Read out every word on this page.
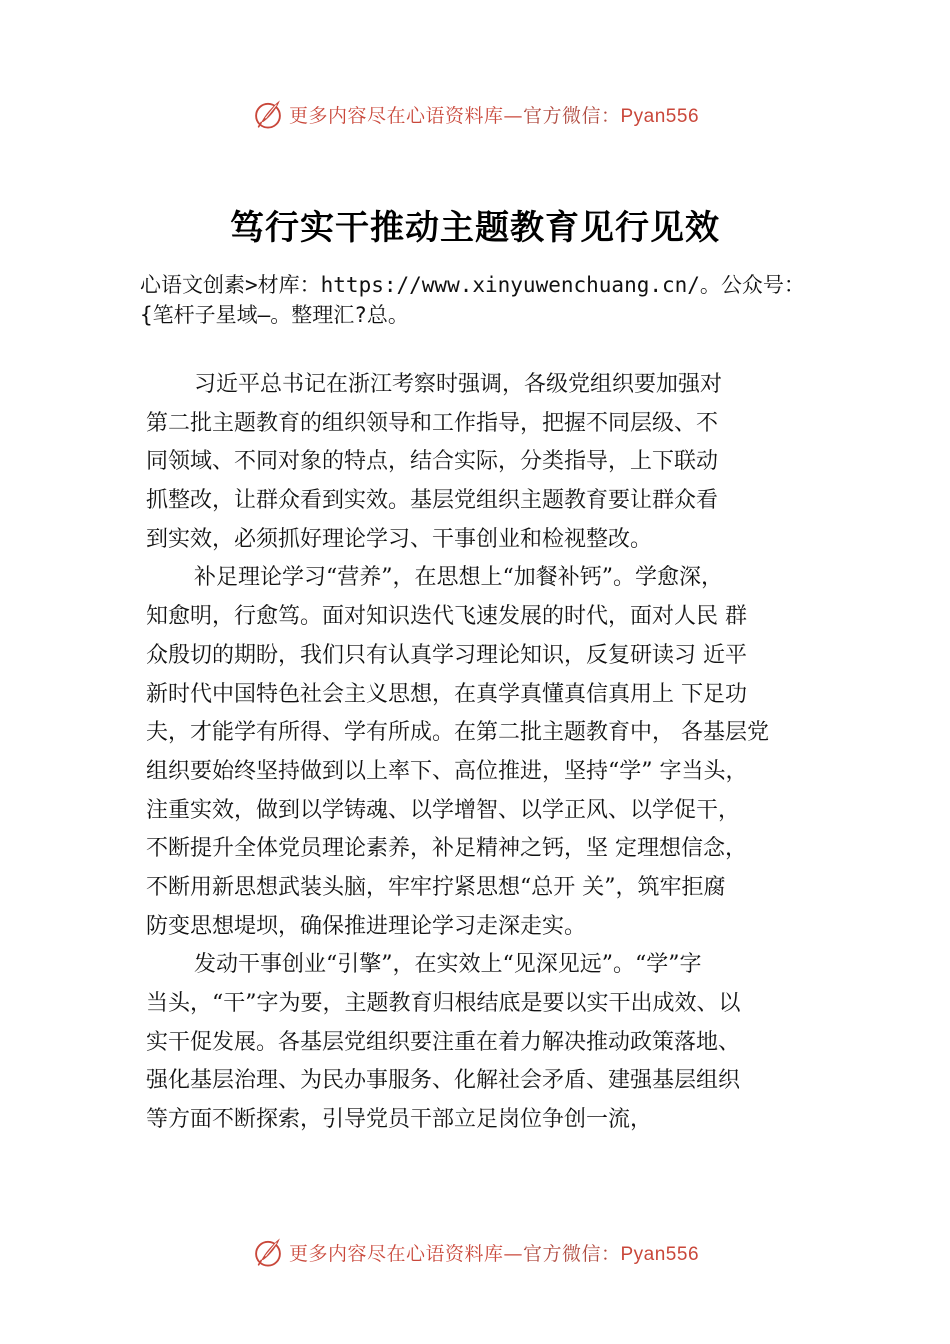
更多内容尽在心语资料库—官方微信：Pyan556
笃行实干推动主题教育见行见效
心语文创素>材库：https://www.xinyuwenchuang.cn/。公众号：
{笔杆子星域—。整理汇?总。
习近平总书记在浙江考察时强调，各级党组织要加强对
第二批主题教育的组织领导和工作指导，把握不同层级、不
同领域、不同对象的特点，结合实际，分类指导，上下联动
抓整改，让群众看到实效。基层党组织主题教育要让群众看
到实效，必须抓好理论学习、干事创业和检视整改。
补足理论学习“营养”，在思想上“加餐补钙”。学愈深，
知愈明，行愈笃。面对知识迭代飞速发展的时代，面对人民 群
众殷切的期盼，我们只有认真学习理论知识，反复研读习 近平
新时代中国特色社会主义思想，在真学真懂真信真用上 下足功
夫，才能学有所得、学有所成。在第二批主题教育中， 各基层党
组织要始终坚持做到以上率下、高位推进，坚持“学” 字当头，
注重实效，做到以学铸魂、以学增智、以学正风、以学促干，
不断提升全体党员理论素养，补足精神之钙，坚 定理想信念，
不断用新思想武装头脑，牢牢拧紧思想“总开 关”，筑牢拒腐
防变思想堤坝，确保推进理论学习走深走实。
发动干事创业“引擎”，在实效上“见深见远”。“学”字
当头，“干”字为要，主题教育归根结底是要以实干出成效、以
实干促发展。各基层党组织要注重在着力解决推动政策落地、
强化基层治理、为民办事服务、化解社会矛盾、建强基层组织
等方面不断探索，引导党员干部立足岗位争创一流，
更多内容尽在心语资料库—官方微信：Pyan556
